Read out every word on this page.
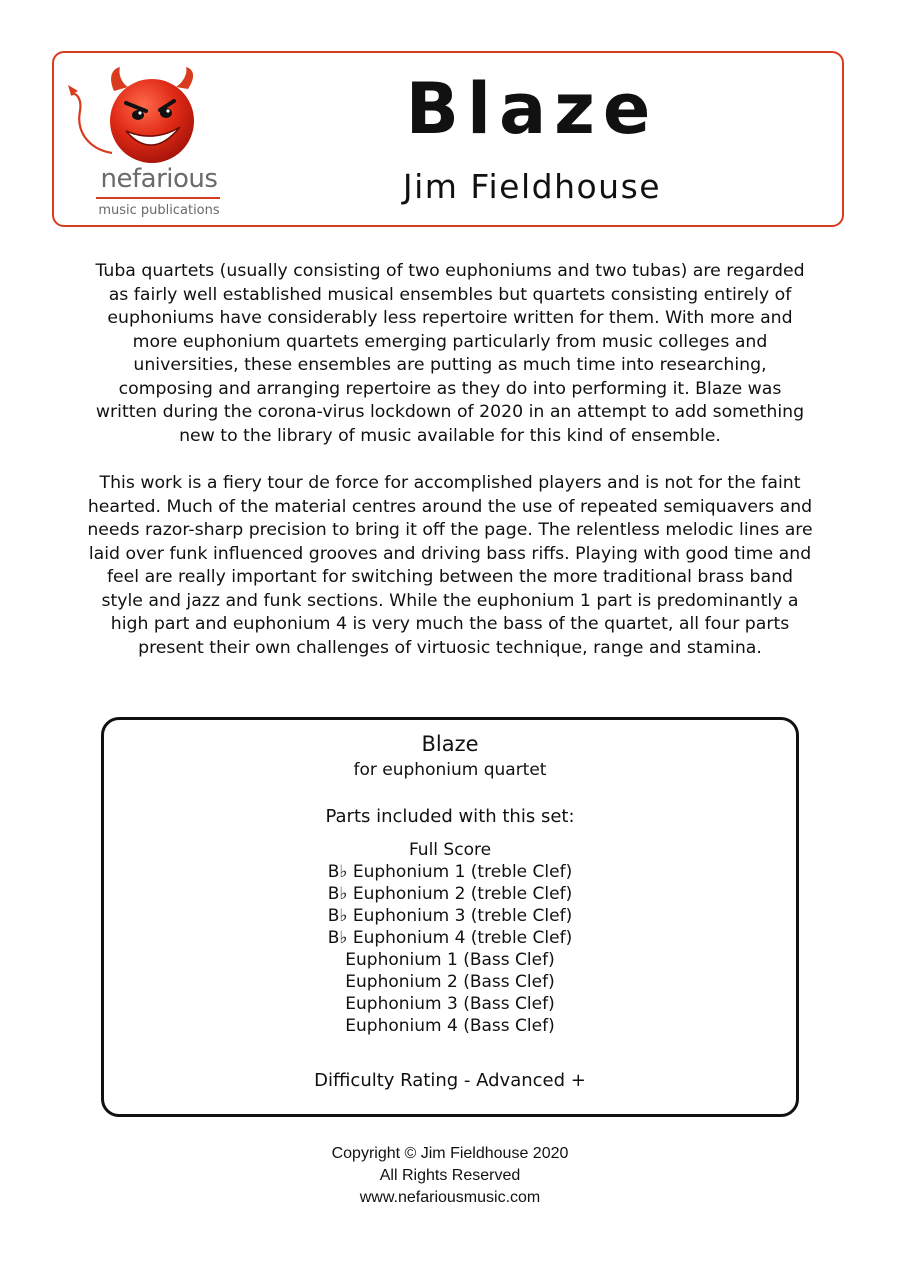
nefarious
music publications
Blaze
Jim Fieldhouse

Tuba quartets (usually consisting of two euphoniums and two tubas) are regarded as fairly well established musical ensembles but quartets consisting entirely of euphoniums have considerably less repertoire written for them. With more and more euphonium quartets emerging particularly from music colleges and universities, these ensembles are putting as much time into researching, composing and arranging repertoire as they do into performing it. Blaze was written during the corona-virus lockdown of 2020 in an attempt to add something new to the library of music available for this kind of ensemble.

This work is a fiery tour de force for accomplished players and is not for the faint hearted. Much of the material centres around the use of repeated semiquavers and needs razor-sharp precision to bring it off the page. The relentless melodic lines are laid over funk influenced grooves and driving bass riffs. Playing with good time and feel are really important for switching between the more traditional brass band style and jazz and funk sections. While the euphonium 1 part is predominantly a high part and euphonium 4 is very much the bass of the quartet, all four parts present their own challenges of virtuosic technique, range and stamina.

Blaze
for euphonium quartet
Parts included with this set:
Full Score
B♭ Euphonium 1 (treble Clef)
B♭ Euphonium 2 (treble Clef)
B♭ Euphonium 3 (treble Clef)
B♭ Euphonium 4 (treble Clef)
Euphonium 1 (Bass Clef)
Euphonium 2 (Bass Clef)
Euphonium 3 (Bass Clef)
Euphonium 4 (Bass Clef)
Difficulty Rating - Advanced +
Copyright © Jim Fieldhouse 2020
All Rights Reserved
www.nefariousmusic.com
